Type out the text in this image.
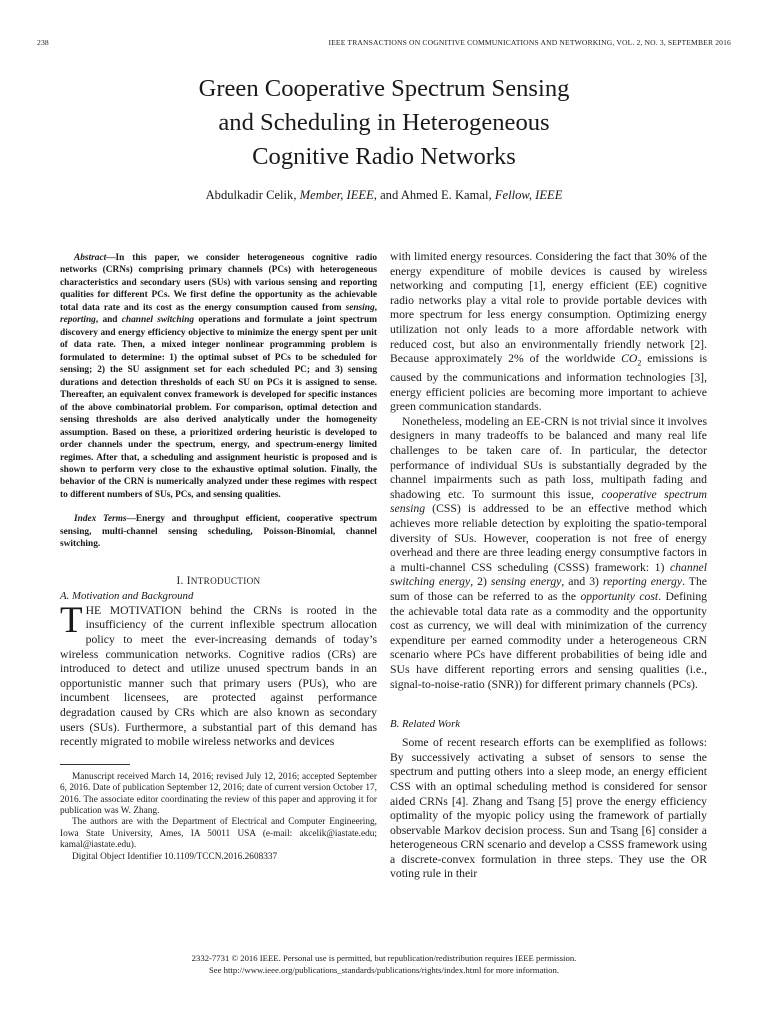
238	IEEE TRANSACTIONS ON COGNITIVE COMMUNICATIONS AND NETWORKING, VOL. 2, NO. 3, SEPTEMBER 2016
Green Cooperative Spectrum Sensing
and Scheduling in Heterogeneous
Cognitive Radio Networks
Abdulkadir Celik, Member, IEEE, and Ahmed E. Kamal, Fellow, IEEE

Abstract—In this paper, we consider heterogeneous cognitive radio networks (CRNs) comprising primary channels (PCs) with heterogeneous characteristics and secondary users (SUs) with various sensing and reporting qualities for different PCs. We first define the opportunity as the achievable total data rate and its cost as the energy consumption caused from sensing, reporting, and channel switching operations and formulate a joint spectrum discovery and energy efficiency objective to minimize the energy spent per unit of data rate. Then, a mixed integer nonlinear programming problem is formulated to determine: 1) the optimal subset of PCs to be scheduled for sensing; 2) the SU assignment set for each scheduled PC; and 3) sensing durations and detection thresholds of each SU on PCs it is assigned to sense. Thereafter, an equivalent convex framework is developed for specific instances of the above combinatorial problem. For comparison, optimal detection and sensing thresholds are also derived analytically under the homogeneity assumption. Based on these, a prioritized ordering heuristic is developed to order channels under the spectrum, energy, and spectrum-energy limited regimes. After that, a scheduling and assignment heuristic is proposed and is shown to perform very close to the exhaustive optimal solution. Finally, the behavior of the CRN is numerically analyzed under these regimes with respect to different numbers of SUs, PCs, and sensing qualities.

Index Terms—Energy and throughput efficient, cooperative spectrum sensing, multi-channel sensing scheduling, Poisson-Binomial, channel switching.

I. INTRODUCTION
A. Motivation and Background

THE MOTIVATION behind the CRNs is rooted in the insufficiency of the current inflexible spectrum allocation policy to meet the ever-increasing demands of today’s wireless communication networks. Cognitive radios (CRs) are introduced to detect and utilize unused spectrum bands in an opportunistic manner such that primary users (PUs), who are incumbent licensees, are protected against performance degradation caused by CRs which are also known as secondary users (SUs). Furthermore, a substantial part of this demand has recently migrated to mobile wireless networks and devices

Manuscript received March 14, 2016; revised July 12, 2016; accepted September 6, 2016. Date of publication September 12, 2016; date of current version October 17, 2016. The associate editor coordinating the review of this paper and approving it for publication was W. Zhang.

The authors are with the Department of Electrical and Computer Engineering, Iowa State University, Ames, IA 50011 USA (e-mail: akcelik@iastate.edu; kamal@iastate.edu).

Digital Object Identifier 10.1109/TCCN.2016.2608337

with limited energy resources. Considering the fact that 30% of the energy expenditure of mobile devices is caused by wireless networking and computing [1], energy efficient (EE) cognitive radio networks play a vital role to provide portable devices with more spectrum for less energy consumption. Optimizing energy utilization not only leads to a more affordable network with reduced cost, but also an environmentally friendly network [2]. Because approximately 2% of the worldwide $CO_2$ emissions is caused by the communications and information technologies [3], energy efficient policies are becoming more important to achieve green communication standards.

Nonetheless, modeling an EE-CRN is not trivial since it involves designers in many tradeoffs to be balanced and many real life challenges to be taken care of. In particular, the detector performance of individual SUs is substantially degraded by the channel impairments such as path loss, multipath fading and shadowing etc. To surmount this issue, cooperative spectrum sensing (CSS) is addressed to be an effective method which achieves more reliable detection by exploiting the spatio-temporal diversity of SUs. However, cooperation is not free of energy overhead and there are three leading energy consumptive factors in a multi-channel CSS scheduling (CSSS) framework: 1) channel switching energy, 2) sensing energy, and 3) reporting energy. The sum of those can be referred to as the opportunity cost. Defining the achievable total data rate as a commodity and the opportunity cost as currency, we will deal with minimization of the currency expenditure per earned commodity under a heterogeneous CRN scenario where PCs have different probabilities of being idle and SUs have different reporting errors and sensing qualities (i.e., signal-to-noise-ratio (SNR)) for different primary channels (PCs).

B. Related Work

Some of recent research efforts can be exemplified as follows: By successively activating a subset of sensors to sense the spectrum and putting others into a sleep mode, an energy efficient CSS with an optimal scheduling method is considered for sensor aided CRNs [4]. Zhang and Tsang [5] prove the energy efficiency optimality of the myopic policy using the framework of partially observable Markov decision process. Sun and Tsang [6] consider a heterogeneous CRN scenario and develop a CSSS framework using a discrete-convex formulation in three steps. They use the OR voting rule in their

2332-7731 © 2016 IEEE. Personal use is permitted, but republication/redistribution requires IEEE permission.
See http://www.ieee.org/publications_standards/publications/rights/index.html for more information.
